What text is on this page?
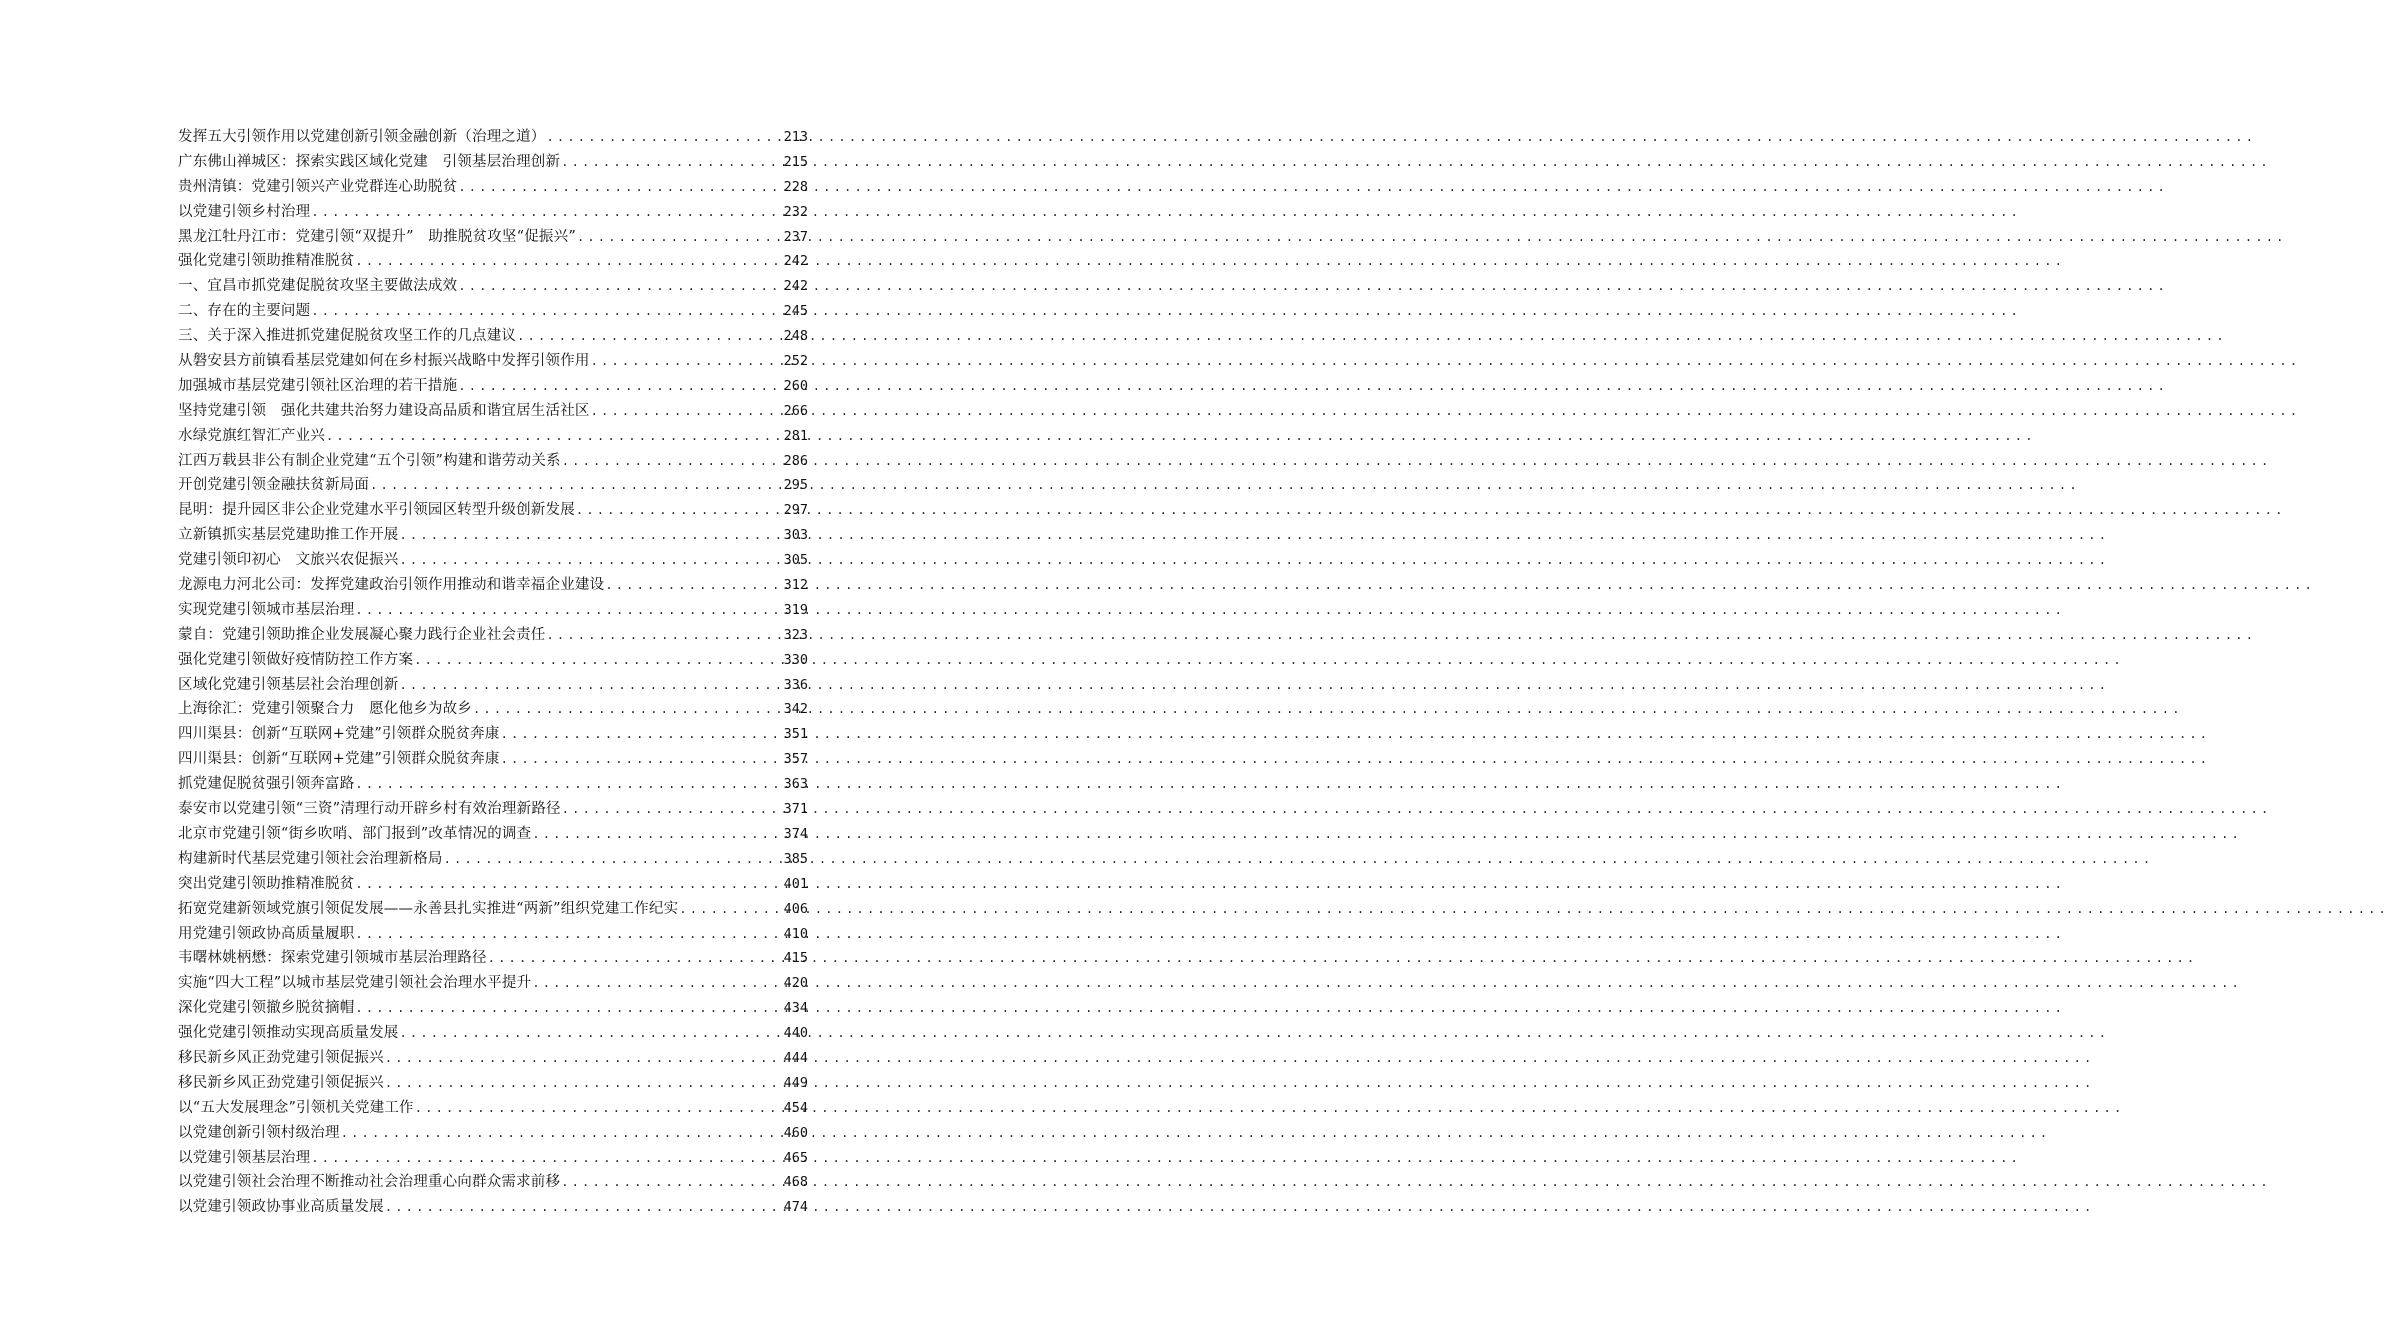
发挥五大引领作用以党建创新引领金融创新（治理之道） .....	213
广东佛山禅城区：探索实践区域化党建　引领基层治理创新 .....	215
贵州清镇：党建引领兴产业党群连心助脱贫 .....	228
以党建引领乡村治理 .....	232
黑龙江牡丹江市：党建引领“双提升”　助推脱贫攻坚“促振兴” .....	237
强化党建引领助推精准脱贫 .....	242
一、宜昌市抓党建促脱贫攻坚主要做法成效 .....	242
二、存在的主要问题 .....	245
三、关于深入推进抓党建促脱贫攻坚工作的几点建议 .....	248
从磐安县方前镇看基层党建如何在乡村振兴战略中发挥引领作用 .....	252
加强城市基层党建引领社区治理的若干措施 .....	260
坚持党建引领　强化共建共治努力建设高品质和谐宜居生活社区 .....	266
水绿党旗红智汇产业兴 .....	281
江西万载县非公有制企业党建“五个引领”构建和谐劳动关系 .....	286
开创党建引领金融扶贫新局面 .....	295
昆明：提升园区非公企业党建水平引领园区转型升级创新发展 .....	297
立新镇抓实基层党建助推工作开展 .....	303
党建引领印初心　文旅兴农促振兴 .....	305
龙源电力河北公司：发挥党建政治引领作用推动和谐幸福企业建设 .....	312
实现党建引领城市基层治理 .....	319
蒙自：党建引领助推企业发展凝心聚力践行企业社会责任 .....	323
强化党建引领做好疫情防控工作方案 .....	330
区域化党建引领基层社会治理创新 .....	336
上海徐汇：党建引领聚合力　愿化他乡为故乡 .....	342
四川渠县：创新“互联网+党建”引领群众脱贫奔康 .....	351
四川渠县：创新“互联网+党建”引领群众脱贫奔康 .....	357
抓党建促脱贫强引领奔富路 .....	363
泰安市以党建引领“三资”清理行动开辟乡村有效治理新路径 .....	371
北京市党建引领“街乡吹哨、部门报到”改革情况的调查 .....	374
构建新时代基层党建引领社会治理新格局 .....	385
突出党建引领助推精准脱贫 .....	401
拓宽党建新领域党旗引领促发展——永善县扎实推进“两新”组织党建工作纪实 .....	406
用党建引领政协高质量履职 .....	410
韦曙林姚柄懋：探索党建引领城市基层治理路径 .....	415
实施“四大工程”以城市基层党建引领社会治理水平提升 .....	420
深化党建引领撤乡脱贫摘帽 .....	434
强化党建引领推动实现高质量发展 .....	440
移民新乡风正劲党建引领促振兴 .....	444
移民新乡风正劲党建引领促振兴 .....	449
以“五大发展理念”引领机关党建工作 .....	454
以党建创新引领村级治理 .....	460
以党建引领基层治理 .....	465
以党建引领社会治理不断推动社会治理重心向群众需求前移 .....	468
以党建引领政协事业高质量发展 .....	474
